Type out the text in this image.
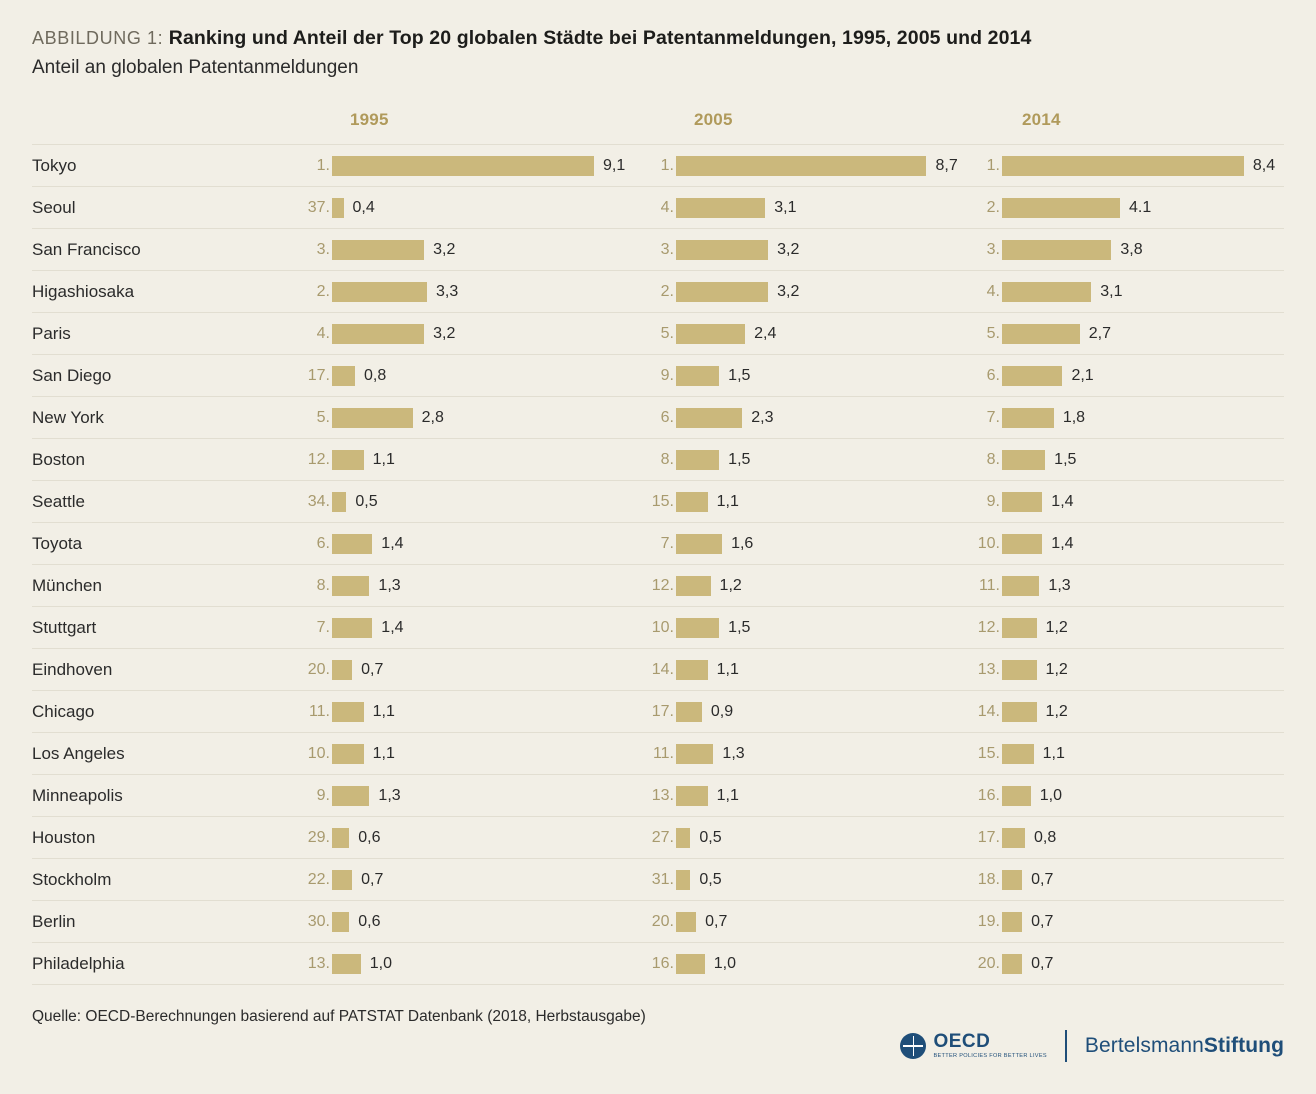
ABBILDUNG 1: Ranking und Anteil der Top 20 globalen Städte bei Patentanmeldungen, 1995, 2005 und 2014
Anteil an globalen Patentanmeldungen
1995	2005	2014
Tokyo	1.	9,1	1.	8,7	1.	8,4
Seoul	37. 0,4	4.	3,1	2.	4.1
San Francisco	3.	3,2	3.	3,2	3.	3,8
Higashiosaka	2.	3,3	2.	3,2	4.	3,1
Paris	4.	3,2	5.	2,4	5.	2,7
San Diego	17. 0,8	9.	1,5	6.	2,1
New York	5.	2,8	6.	2,3	7.	1,8
Boston	12.	1,1	8.	1,5	8.	1,5
Seattle	34. 0,5	15.	1,1	9.	1,4
Toyota	6.	1,4	7.	1,6	10.	1,4
München	8.	1,3	12.	1,2	11.	1,3
Stuttgart	7.	1,4	10.	1,5	12.	1,2
Eindhoven	20. 0,7	14.	1,1	13.	1,2
Chicago	11.	1,1	17. 0,9	14.	1,2
Los Angeles	10.	1,1	11.	1,3	15.	1,1
Minneapolis	9.	1,3	13.	1,1	16. 1,0
Houston	29. 0,6	27. 0,5	17. 0,8
Stockholm	22. 0,7	31. 0,5	18. 0,7
Berlin	30. 0,6	20. 0,7	19. 0,7
Philadelphia	13. 1,0	16. 1,0	20. 0,7
Quelle: OECD-Berechnungen basierend auf PATSTAT Datenbank (2018, Herbstausgabe)
OECD
BETTER POLICIES FOR BETTER LIVES BertelsmannStiftung
